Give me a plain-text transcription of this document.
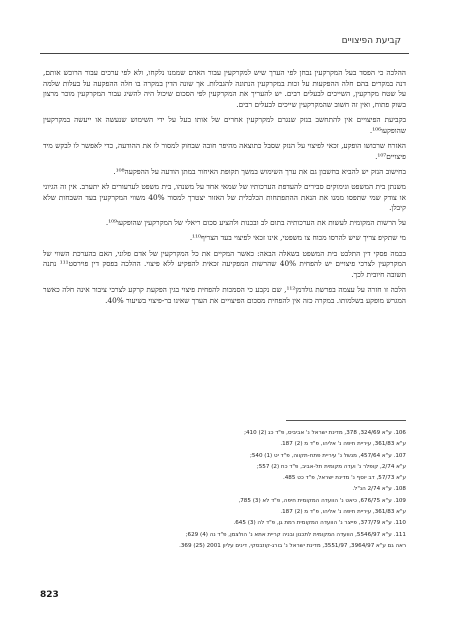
קביעת הפיצויים

ההלכה כי הפסד בעל המקרקעין נבחן לפי הערך שיש למקרקעין עבור האדם שממנו נלקחו, ולא לפי ערכים עבור הרוכש אותם, דנה במקרים בהם חלה ההפקעות על זכות במקרקעין הנתונה להגבלות. אך שונה הדין במקרה בו חלה ההפקעה על בעלות שלמה על שטח מקרקעין, השייכים לבעלים רבים. יש להעריך את המקרקעין לפי הסכום שיכול היה להשיג עבור המקרקעין מוכר מרצון בשוק פתוח, ואין זה חשוב שהמקרקעין שייכים לבעלים רבים.

בקביעת הפיצויים אין להתחשב בנזק שנגרם למקרקעין אחרים של אותו בעל על ידי השימוש שנעשה או ייעשה במקרקעין שהופקעו¹⁰⁶.

האזרח שרכושו הופקע, זכאי לפיצוי על הנזק שסבל כתוצאה מהיפר חובה שבחוק למסור לו את ההודעה, כדי לאפשר לו לבקש מיד פיצויים¹⁰⁷.

בחישוב הנזק יש להביא בחשבון גם את ערך השימוש במשך תקופת האיחור במתן הודעה על ההפקעה¹⁰⁸.

משנתן בית המשפט ונימוקים סבירים להעדפת הערכותיו של שמאי אחד על משנהו, בית משפט לערעורים לא יתערב. אין זה הגיוני או צודק שמי שתפסו ממנו את הנאת ההתפתחות הכלכלית של האזור יצטרך למסור 40% משווי המקרקעין בעד השבחות שלא קיבלן.

על הרשות המקומית לעשות את הערכותיה בתום לב ובכנות ולהציע סכום ריאלי של המקרקעין שהופקעו¹⁰⁹.

מי שתקיפ צריך שיש להרסו מכוח צו משפטי, אינו זכאי לפיצוי בעד הצריף¹¹⁰.

בכמה פסקי דין התלבט בית המשפט בשאלה הבאה: כאשר המקיים את כל המקרקעין של אדם פלוני, האם בהערכת השווי של המקרקעין לצרכי פיצויים יש להפחית 40% שהרשות המפקיעה זכאית להפקיע ללא פיצוי. ההלכה בפסק דין פוירסט¹¹¹ נתנה תשובה חיובית לכך.

הלכה זו חזרה על עצמה בפרשת גולדמן¹¹², שם נקבע כי הסמכות להפחית פיצוי בגין הפקעת קרקע לצרכי ציבור אינה חלה כאשר המגרש מופקע בשלמותו. במקרה כזה אין להפחית מסכום הפיצויים את הערך שאינו בר-פיצוי בשיעור 40%.

106. ע"א 324/69, 378, מדינת ישראל נ' אביביס, פ"ד כג (2) 410;
ע"א 361/83, עיריית חיפה נ' אליהו, פ"ד מ (2) 187.
107. ע"א 457/64, מנשל נ' עיריית פתח-תקווה, פ"ד יט (1) 540;
ע"א 2/74, קופלר נ' ועדה מקומית תל-אביב, פ"ד כח (2) 557;
ע"א 57/73, דב יוסף נ' מדינת ישראל, פ"ד כט 485.
108. ע"א 2/74 הנ"ל.
109. ע"א 676/75, כיאט נ' הוועדה המקומית חיפה, פ"ד לא (3) 785,
ע"א 361/83, עיריית חיפה נ' אליהו, פ"ד מ (2) 187.
110. ע"א 377/79, פייצר נ' הוועדה המקומית רמת גן, פ"ד לה (3) 645.
111. ע"א 5546/97, הוועדה המקומית לתכנון ובניה קריית אתא נ' הולצמן, פ"ד נה (4) 629;
ראה גם ע"א 3964/97, 3551/97, מדינת ישראל נ' בורג-קוזבסקי, דינים עליון 2001 (25) 369.
823
